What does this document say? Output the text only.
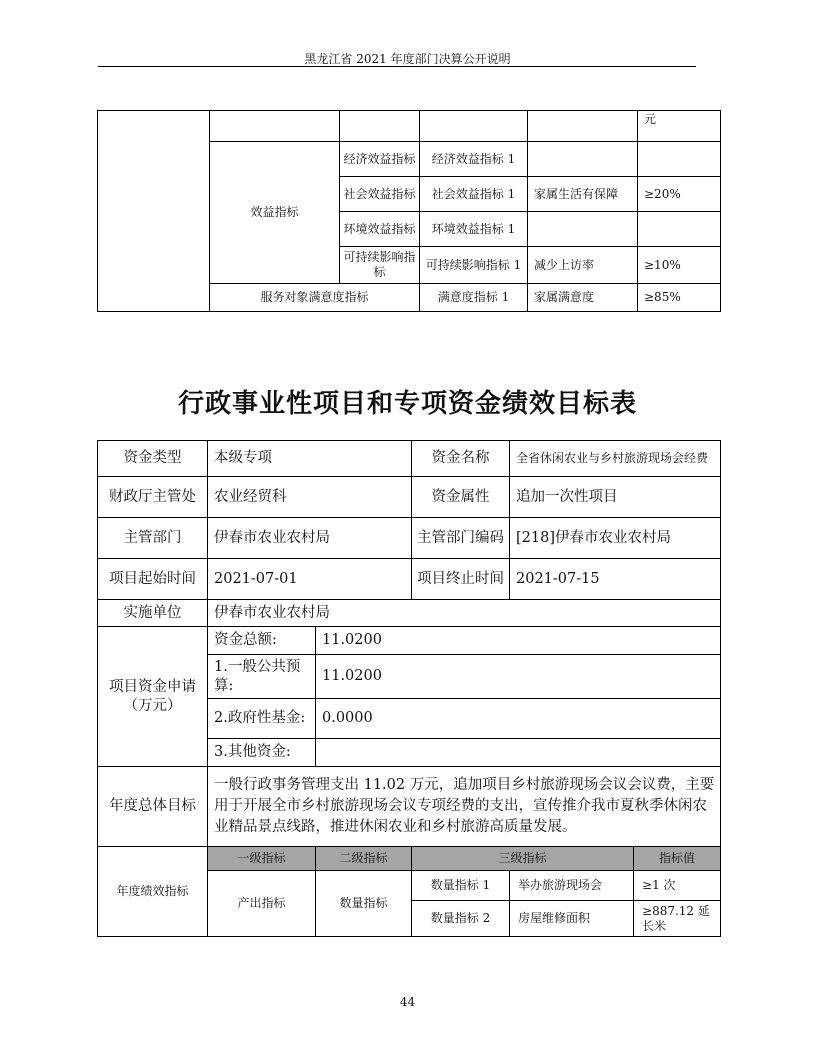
黑龙江省 2021 年度部门决算公开说明
					元
	效益指标	经济效益指标	经济效益指标 1		
		社会效益指标	社会效益指标 1	家属生活有保障	≥20%
		环境效益指标	环境效益指标 1		
		可持续影响指标	可持续影响指标 1	减少上访率	≥10%
	服务对象满意度指标		满意度指标 1	家属满意度	≥85%
行政事业性项目和专项资金绩效目标表
资金类型	本级专项		资金名称	全省休闲农业与乡村旅游现场会经费
财政厅主管处	农业经贸科		资金属性	追加一次性项目
主管部门	伊春市农业农村局		主管部门编码	[218]伊春市农业农村局
项目起始时间	2021-07-01		项目终止时间	2021-07-15
实施单位	伊春市农业农村局			
项目资金申请（万元）	资金总额:	11.0200		
	1.一般公共预算:	11.0200		
	2.政府性基金:	0.0000		
	3.其他资金:			
年度总体目标	一般行政事务管理支出 11.02 万元，追加项目乡村旅游现场会议会议费，主要用于开展全市乡村旅游现场会议专项经费的支出，宣传推介我市夏秋季休闲农业精品景点线路，推进休闲农业和乡村旅游高质量发展。			
年度绩效指标	一级指标	二级指标	三级指标		指标值
	产出指标	数量指标	数量指标 1	举办旅游现场会	≥1 次
			数量指标 2	房屋维修面积	≥887.12 延长米
44
